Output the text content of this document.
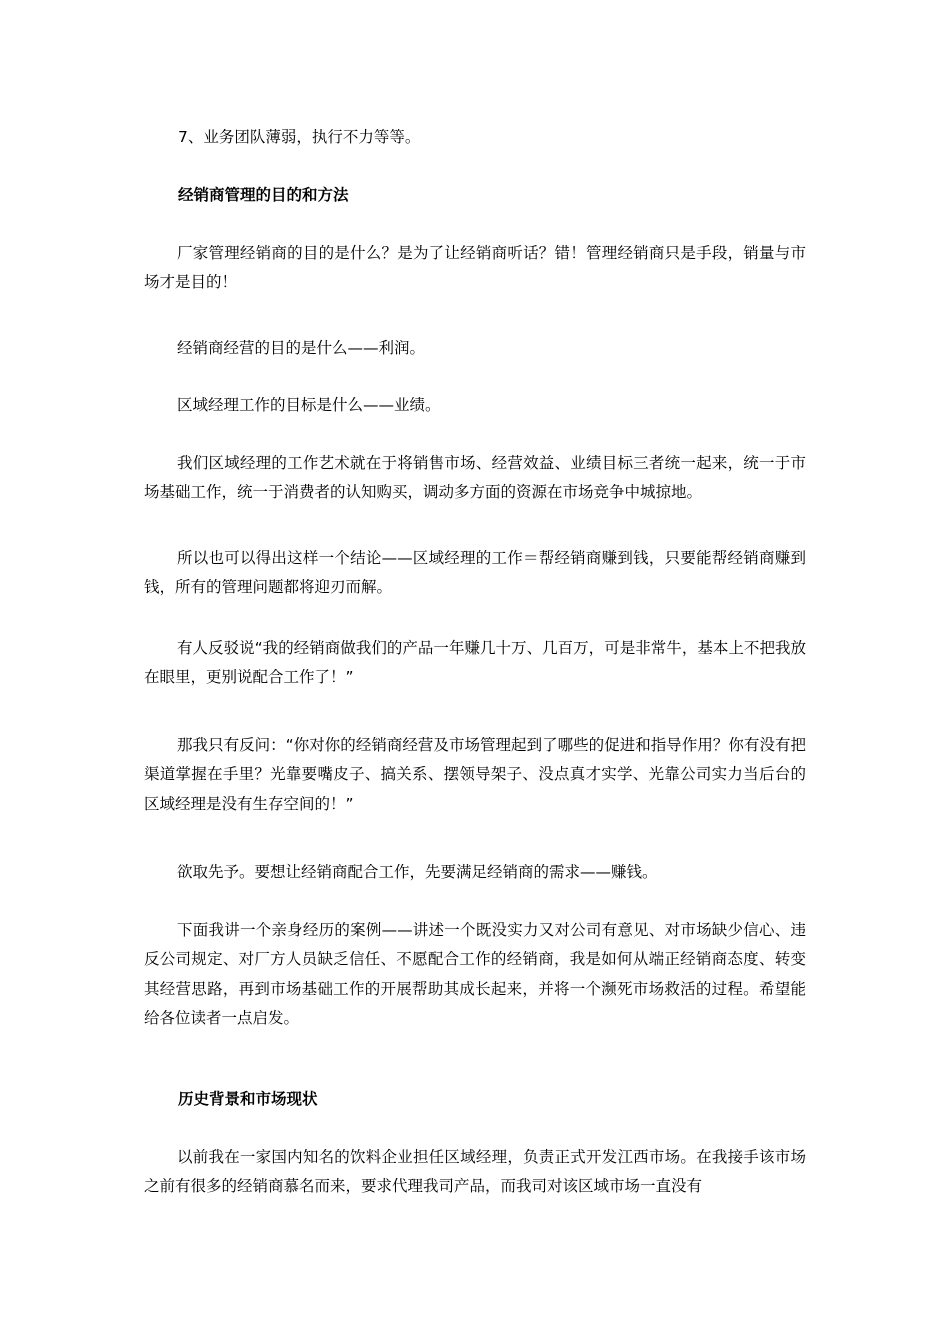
7、业务团队薄弱，执行不力等等。

经销商管理的目的和方法

厂家管理经销商的目的是什么？是为了让经销商听话？错！管理经销商只是手段，销量与市场才是目的！

经销商经营的目的是什么——利润。

区域经理工作的目标是什么——业绩。

我们区域经理的工作艺术就在于将销售市场、经营效益、业绩目标三者统一起来，统一于市场基础工作，统一于消费者的认知购买，调动多方面的资源在市场竞争中城掠地。

所以也可以得出这样一个结论——区域经理的工作＝帮经销商赚到钱，只要能帮经销商赚到钱，所有的管理问题都将迎刃而解。

有人反驳说“我的经销商做我们的产品一年赚几十万、几百万，可是非常牛，基本上不把我放在眼里，更别说配合工作了！”

那我只有反问：“你对你的经销商经营及市场管理起到了哪些的促进和指导作用？你有没有把渠道掌握在手里？光靠要嘴皮子、搞关系、摆领导架子、没点真才实学、光靠公司实力当后台的区域经理是没有生存空间的！”

欲取先予。要想让经销商配合工作，先要满足经销商的需求——赚钱。

下面我讲一个亲身经历的案例——讲述一个既没实力又对公司有意见、对市场缺少信心、违反公司规定、对厂方人员缺乏信任、不愿配合工作的经销商，我是如何从端正经销商态度、转变其经营思路，再到市场基础工作的开展帮助其成长起来，并将一个濒死市场救活的过程。希望能给各位读者一点启发。

历史背景和市场现状

以前我在一家国内知名的饮料企业担任区域经理，负责正式开发江西市场。在我接手该市场之前有很多的经销商慕名而来，要求代理我司产品，而我司对该区域市场一直没有
